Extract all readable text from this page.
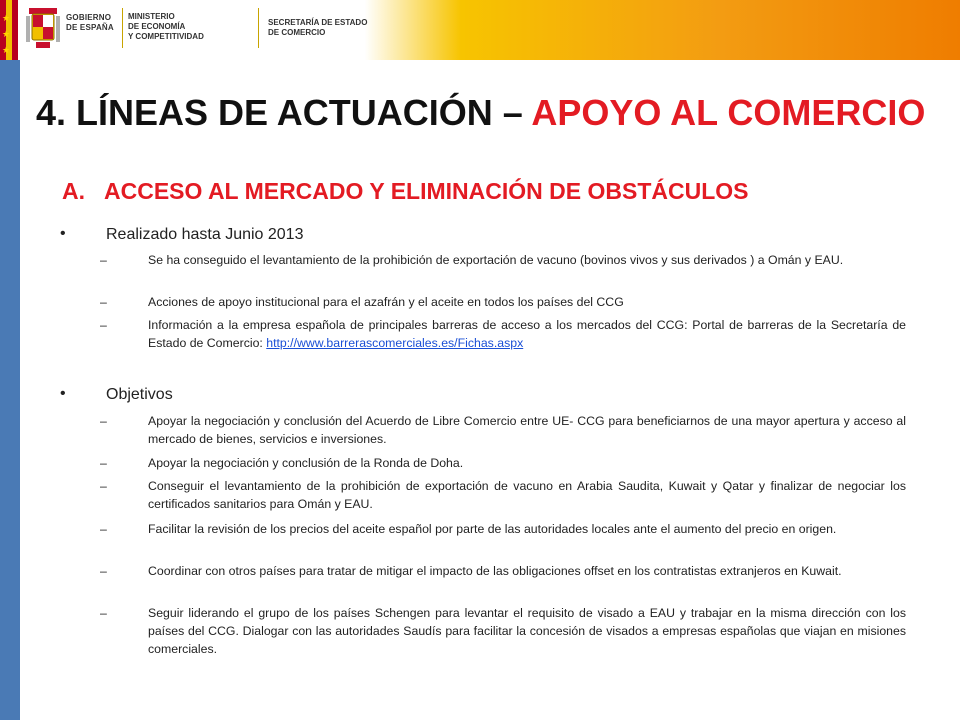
GOBIERNO
DE ESPAÑA
MINISTERIO
DE ECONOMÍA
Y COMPETITIVIDAD
SECRETARÍA DE ESTADO
DE COMERCIO
★
★
★
4. LÍNEAS DE ACTUACIÓN – APOYO AL COMERCIO
A. ACCESO AL MERCADO Y ELIMINACIÓN DE OBSTÁCULOS
•	Realizado hasta Junio 2013
–	Se ha conseguido el levantamiento de la prohibición de exportación de vacuno (bovinos vivos y sus derivados ) a Omán y EAU.
–	Acciones de apoyo institucional para el azafrán y el aceite en todos los países del CCG
–	Información a la empresa española de principales barreras de acceso a los mercados del CCG: Portal de barreras de la Secretaría de Estado de Comercio: http://www.barrerascomerciales.es/Fichas.aspx
•	Objetivos
–	Apoyar la negociación y conclusión del Acuerdo de Libre Comercio entre UE- CCG para beneficiarnos de una mayor apertura y acceso al mercado de bienes, servicios e inversiones.
–	Apoyar la negociación y conclusión de la Ronda de Doha.
–	Conseguir el levantamiento de la prohibición de exportación de vacuno en Arabia Saudita, Kuwait y Qatar y finalizar de negociar los certificados sanitarios para Omán y EAU.
–	Facilitar la revisión de los precios del aceite español por parte de las autoridades locales ante el aumento del precio en origen.
–	Coordinar con otros países para tratar de mitigar el impacto de las obligaciones offset en los contratistas extranjeros en Kuwait.
–	Seguir liderando el grupo de los países Schengen para levantar el requisito de visado a EAU y trabajar en la misma dirección con los países del CCG. Dialogar con las autoridades Saudís para facilitar la concesión de visados a empresas españolas que viajan en misiones comerciales.
